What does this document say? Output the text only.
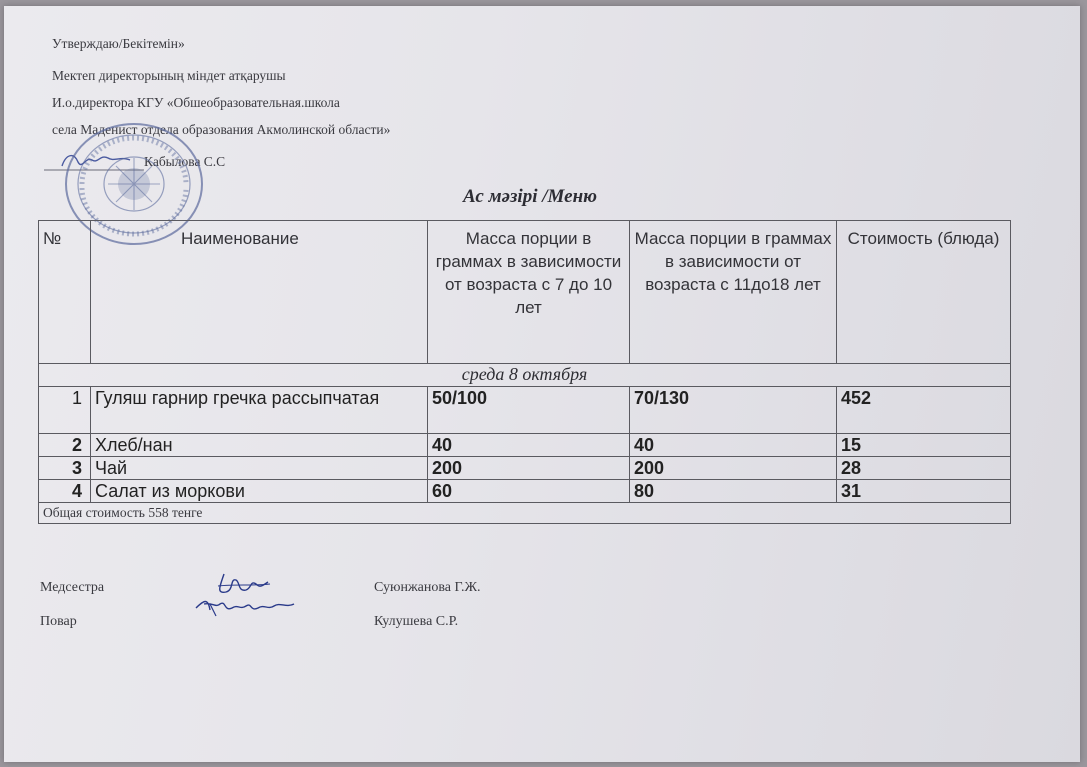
Утверждаю/Бекітемін»
Мектеп директорының міндет атқарушы
И.о.директора КГУ «Обшеобразовательная.школа
села Маденист отдела образования Акмолинской области»
Кабылова С.С
Ас мәзірі /Меню
№	Наименование	Масса порции в граммах в зависимости от возраста с 7 до 10 лет	Масса порции в граммах в зависимости от возраста с 11до18 лет	Стоимость (блюда)
среда 8 октября				
1	Гуляш гарнир гречка рассыпчатая	50/100	70/130	452
2	Хлеб/нан	40	40	15
3	Чай	200	200	28
4	Салат из моркови	60	80	31
Общая стоимость 558 тенге				
Медсестра	Суюнжанова Г.Ж.
Повар	Кулушева С.Р.
